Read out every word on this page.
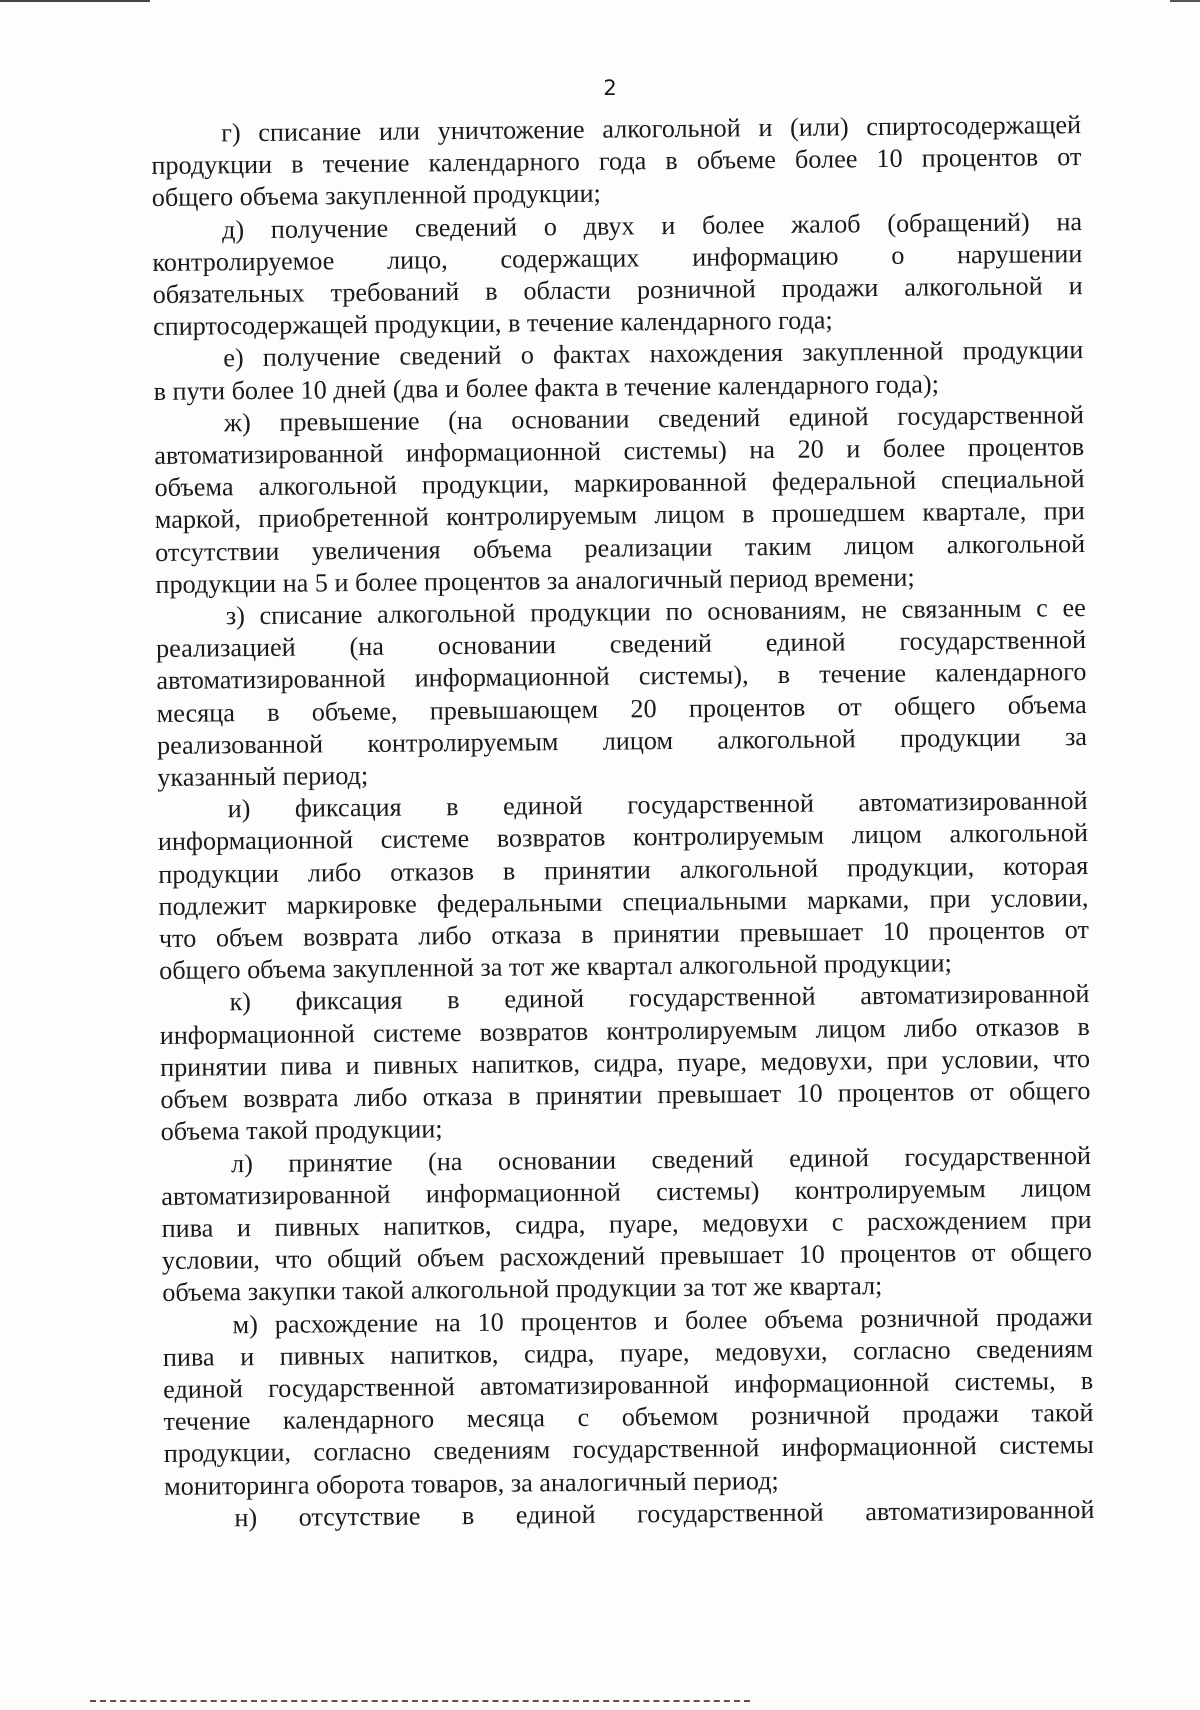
2
г) списание или уничтожение алкогольной и (или) спиртосодержащей
продукции в течение календарного года в объеме более 10 процентов от
общего объема закупленной продукции;
д) получение сведений о двух и более жалоб (обращений) на
контролируемое лицо, содержащих информацию о нарушении
обязательных требований в области розничной продажи алкогольной и
спиртосодержащей продукции, в течение календарного года;
е) получение сведений о фактах нахождения закупленной продукции
в пути более 10 дней (два и более факта в течение календарного года);
ж) превышение (на основании сведений единой государственной
автоматизированной информационной системы) на 20 и более процентов
объема алкогольной продукции, маркированной федеральной специальной
маркой, приобретенной контролируемым лицом в прошедшем квартале, при
отсутствии увеличения объема реализации таким лицом алкогольной
продукции на 5 и более процентов за аналогичный период времени;
з) списание алкогольной продукции по основаниям, не связанным с ее
реализацией (на основании сведений единой государственной
автоматизированной информационной системы), в течение календарного
месяца в объеме, превышающем 20 процентов от общего объема
реализованной контролируемым лицом алкогольной продукции за
указанный период;
и) фиксация в единой государственной автоматизированной
информационной системе возвратов контролируемым лицом алкогольной
продукции либо отказов в принятии алкогольной продукции, которая
подлежит маркировке федеральными специальными марками, при условии,
что объем возврата либо отказа в принятии превышает 10 процентов от
общего объема закупленной за тот же квартал алкогольной продукции;
к) фиксация в единой государственной автоматизированной
информационной системе возвратов контролируемым лицом либо отказов в
принятии пива и пивных напитков, сидра, пуаре, медовухи, при условии, что
объем возврата либо отказа в принятии превышает 10 процентов от общего
объема такой продукции;
л) принятие (на основании сведений единой государственной
автоматизированной информационной системы) контролируемым лицом
пива и пивных напитков, сидра, пуаре, медовухи с расхождением при
условии, что общий объем расхождений превышает 10 процентов от общего
объема закупки такой алкогольной продукции за тот же квартал;
м) расхождение на 10 процентов и более объема розничной продажи
пива и пивных напитков, сидра, пуаре, медовухи, согласно сведениям
единой государственной автоматизированной информационной системы, в
течение календарного месяца с объемом розничной продажи такой
продукции, согласно сведениям государственной информационной системы
мониторинга оборота товаров, за аналогичный период;
н) отсутствие в единой государственной автоматизированной
